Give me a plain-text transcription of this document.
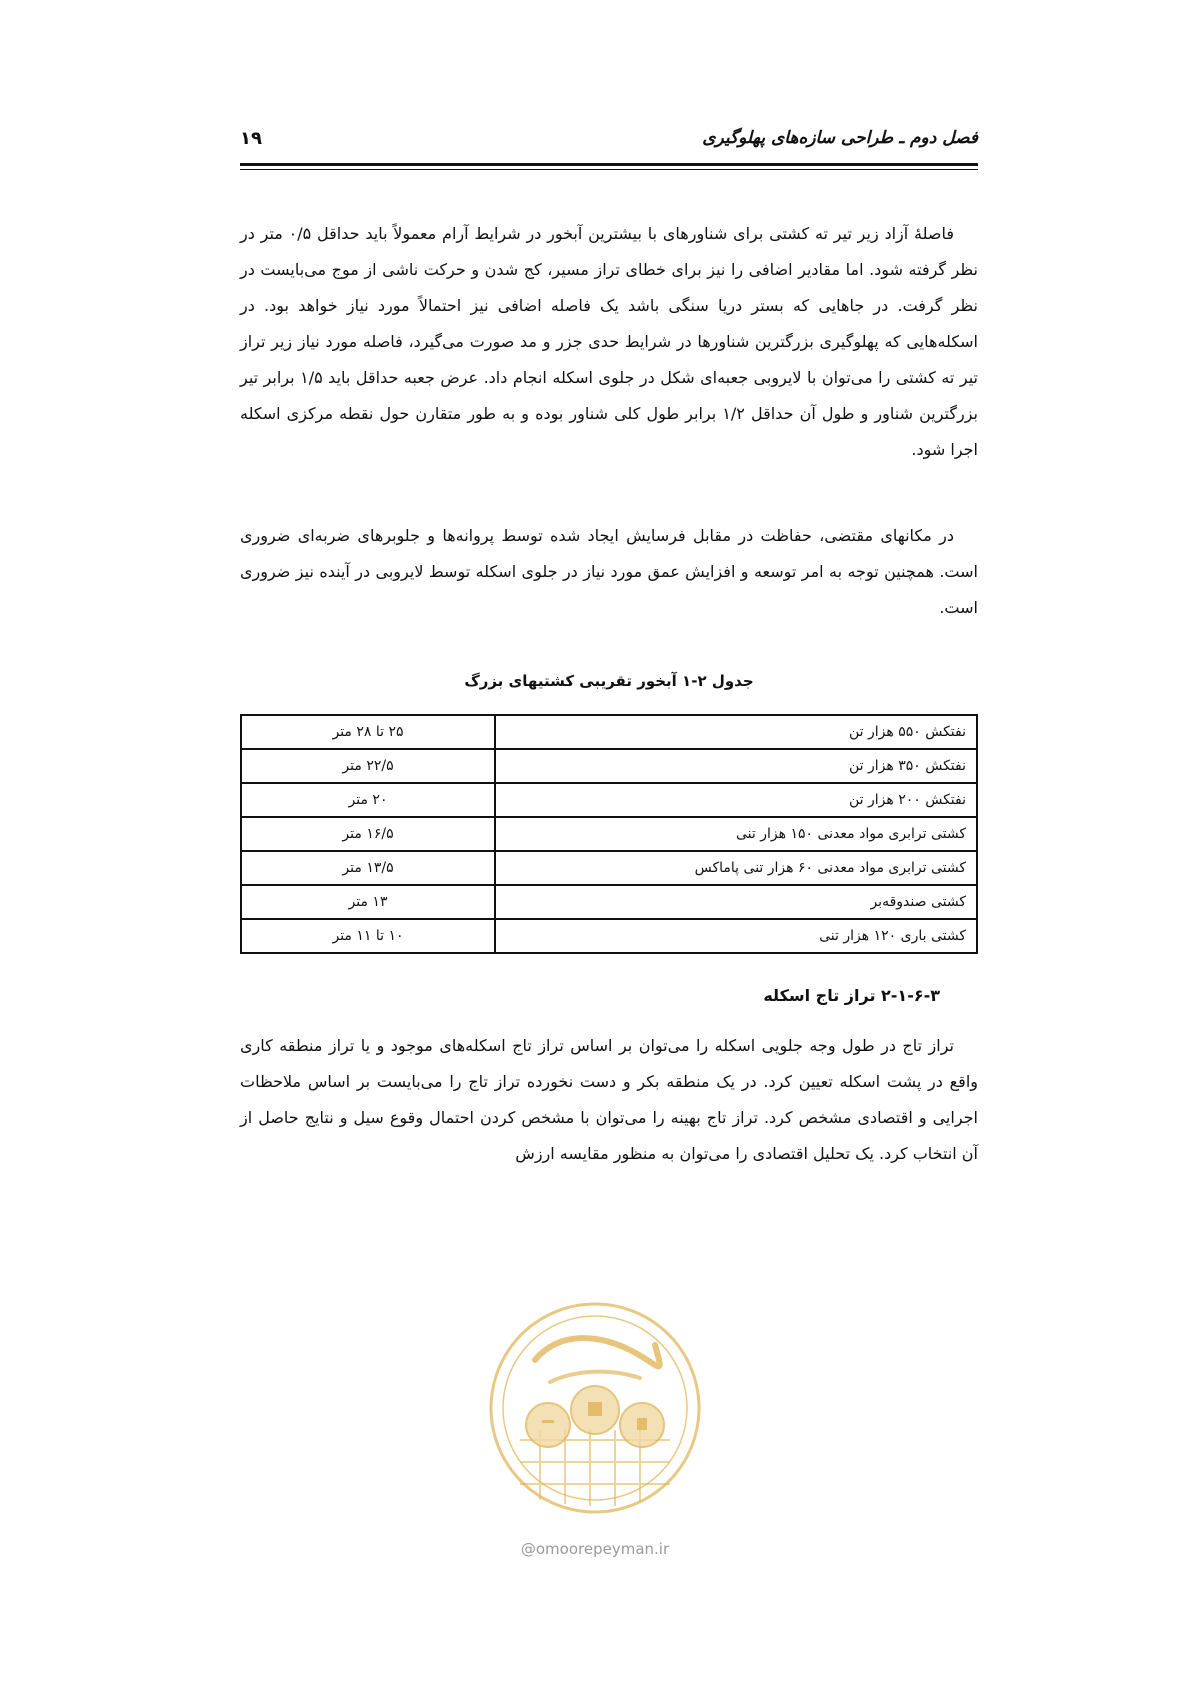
فصل دوم ـ طراحی سازه‌های پهلوگیری
۱۹

فاصلهٔ آزاد زیر تیر ته کشتی برای شناورهای با بیشترین آبخور در شرایط آرام معمولاً باید حداقل ۰/۵ متر در نظر گرفته شود. اما مقادیر اضافی را نیز برای خطای تراز مسیر، کج شدن و حرکت ناشی از موج می‌بایست در نظر گرفت. در جاهایی که بستر دریا سنگی باشد یک فاصله اضافی نیز احتمالاً مورد نیاز خواهد بود. در اسکله‌هایی که پهلوگیری بزرگترین شناورها در شرایط حدی جزر و مد صورت می‌گیرد، فاصله مورد نیاز زیر تراز تیر ته کشتی را می‌توان با لایروبی جعبه‌ای شکل در جلوی اسکله انجام داد. عرض جعبه حداقل باید ۱/۵ برابر تیر بزرگترین شناور و طول آن حداقل ۱/۲ برابر طول کلی شناور بوده و به طور متقارن حول نقطه مرکزی اسکله اجرا شود.

در مکانهای مقتضی، حفاظت در مقابل فرسایش ایجاد شده توسط پروانه‌ها و جلوبرهای ضربه‌ای ضروری است. همچنین توجه به امر توسعه و افزایش عمق مورد نیاز در جلوی اسکله توسط لایروبی در آینده نیز ضروری است.

جدول ۲-۱ آبخور تقریبی کشتیهای بزرگ
نفتکش ۵۵۰ هزار تن	۲۵ تا ۲۸ متر
نفتکش ۳۵۰ هزار تن	۲۲/۵ متر
نفتکش ۲۰۰ هزار تن	۲۰ متر
کشتی ترابری مواد معدنی ۱۵۰ هزار تنی	۱۶/۵ متر
کشتی ترابری مواد معدنی ۶۰ هزار تنی پاماکس	۱۳/۵ متر
کشتی صندوقه‌بر	۱۳ متر
کشتی باری ۱۲۰ هزار تنی	۱۰ تا ۱۱ متر
۲-۱-۶-۳ تراز تاج اسکله

تراز تاج در طول وجه جلویی اسکله را می‌توان بر اساس تراز تاج اسکله‌های موجود و یا تراز منطقه کاری واقع در پشت اسکله تعیین کرد. در یک منطقه بکر و دست نخورده تراز تاج را می‌بایست بر اساس ملاحظات اجرایی و اقتصادی مشخص کرد. تراز تاج بهینه را می‌توان با مشخص کردن احتمال وقوع سیل و نتایج حاصل از آن انتخاب کرد. یک تحلیل اقتصادی را می‌توان به منظور مقایسه ارزش

@omoorepeyman.ir
